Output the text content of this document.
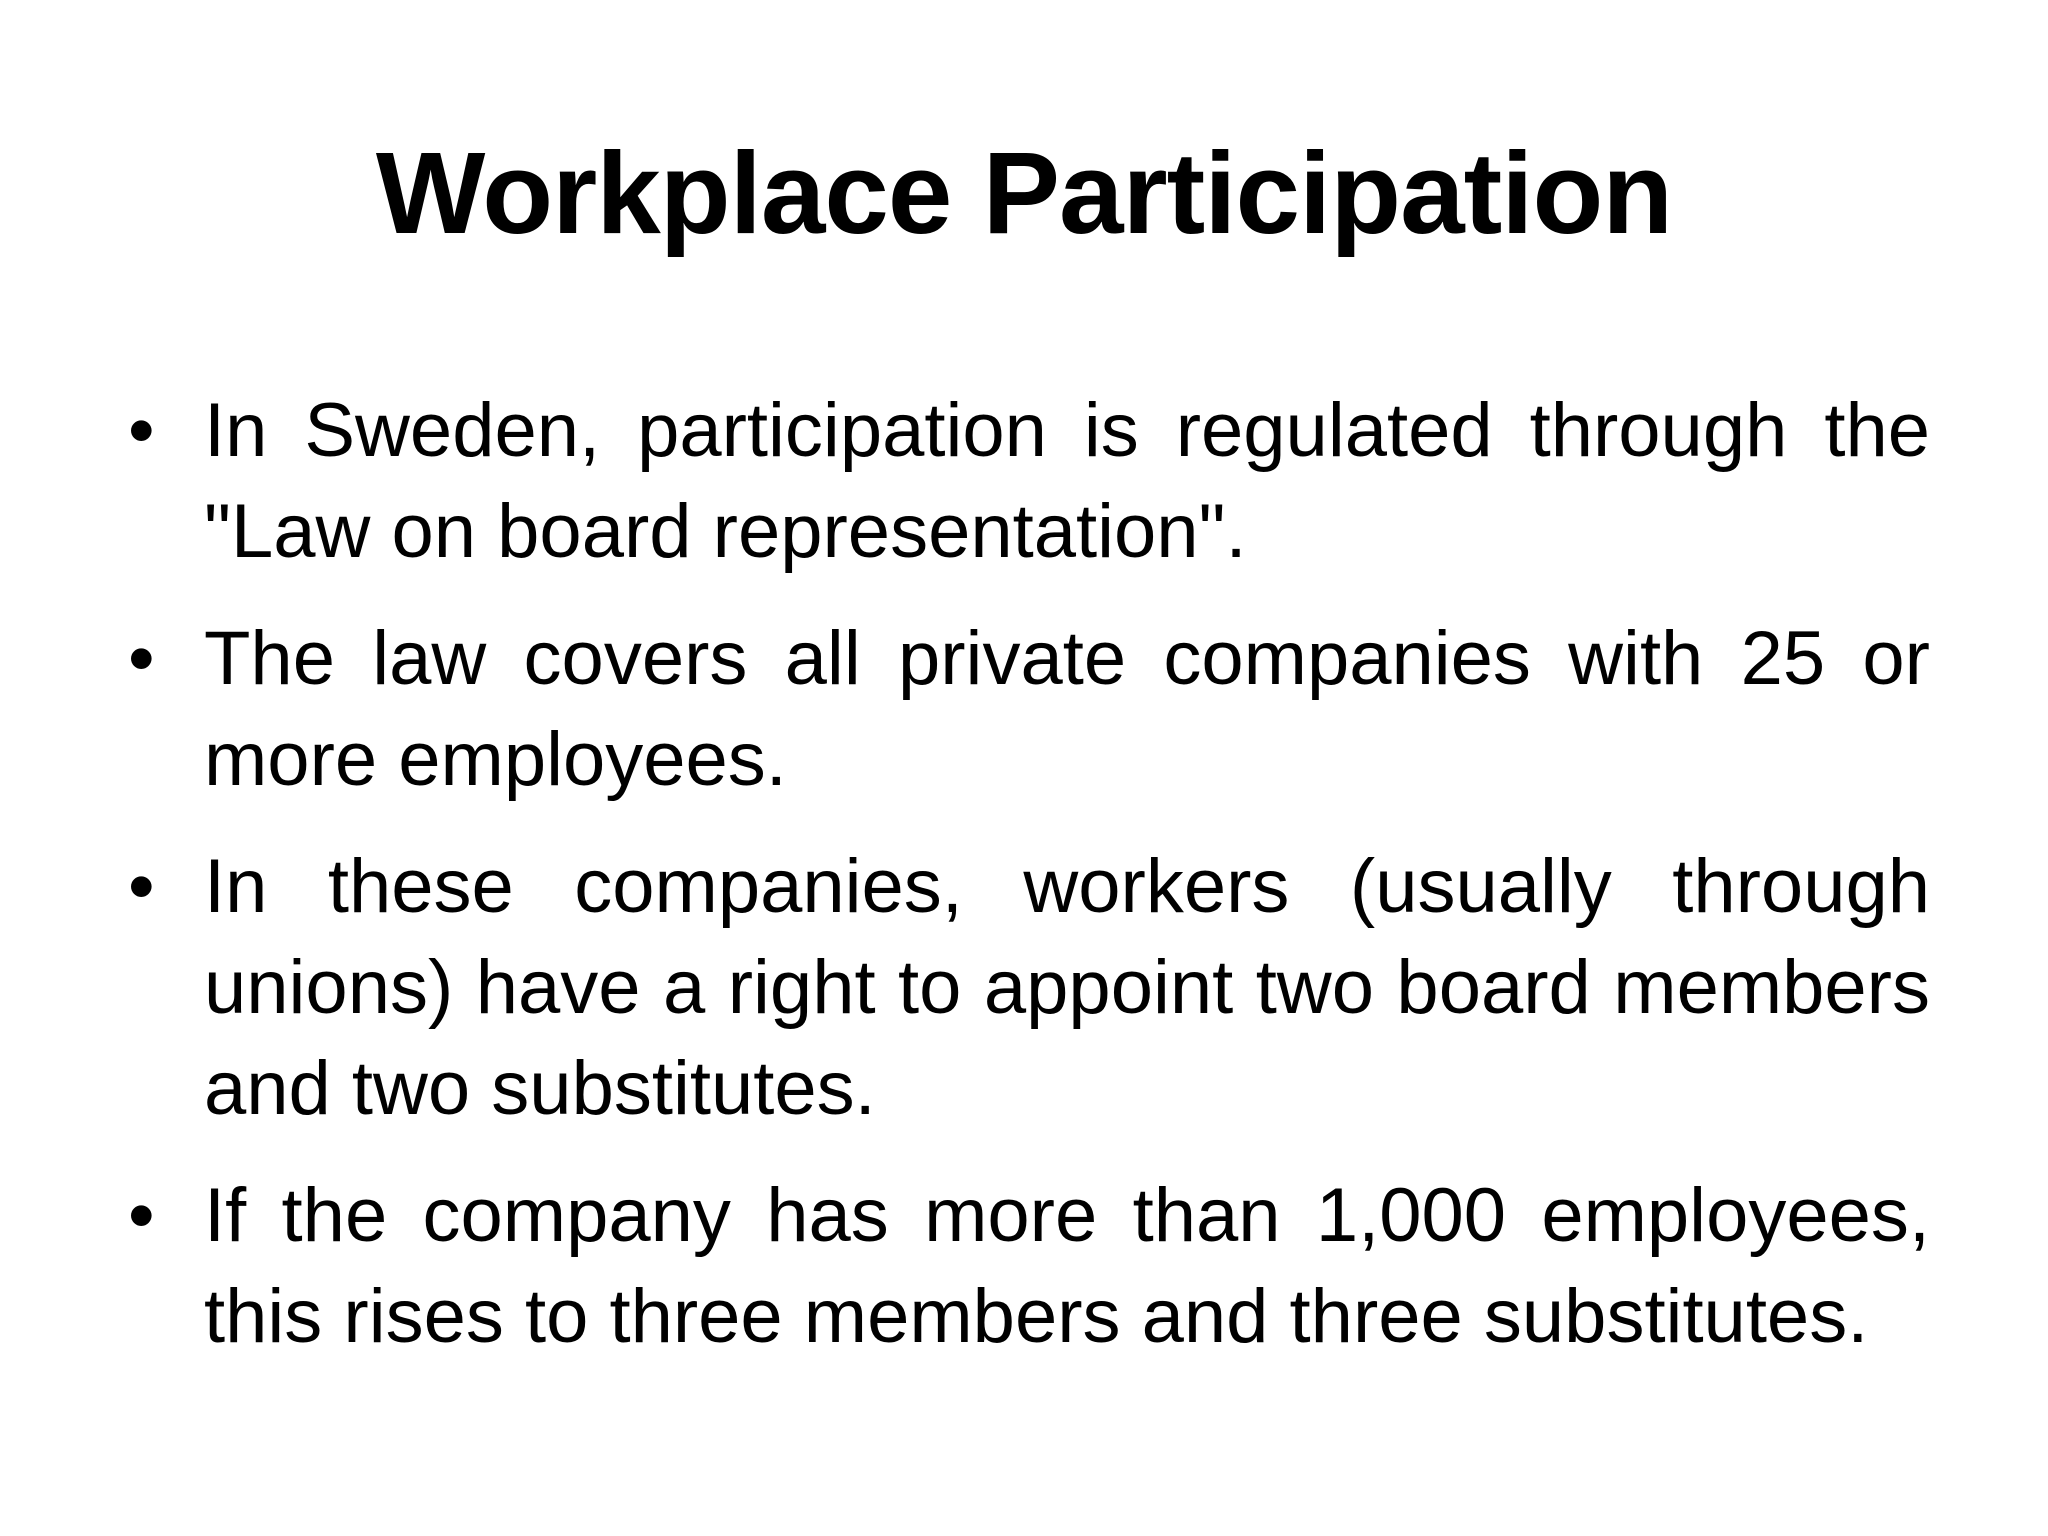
Workplace Participation
• In Sweden, participation is regulated through the "Law on board representation".
• The law covers all private companies with 25 or more employees.
• In these companies, workers (usually through unions) have a right to appoint two board members and two substitutes.
• If the company has more than 1,000 employees, this rises to three members and three substitutes.
